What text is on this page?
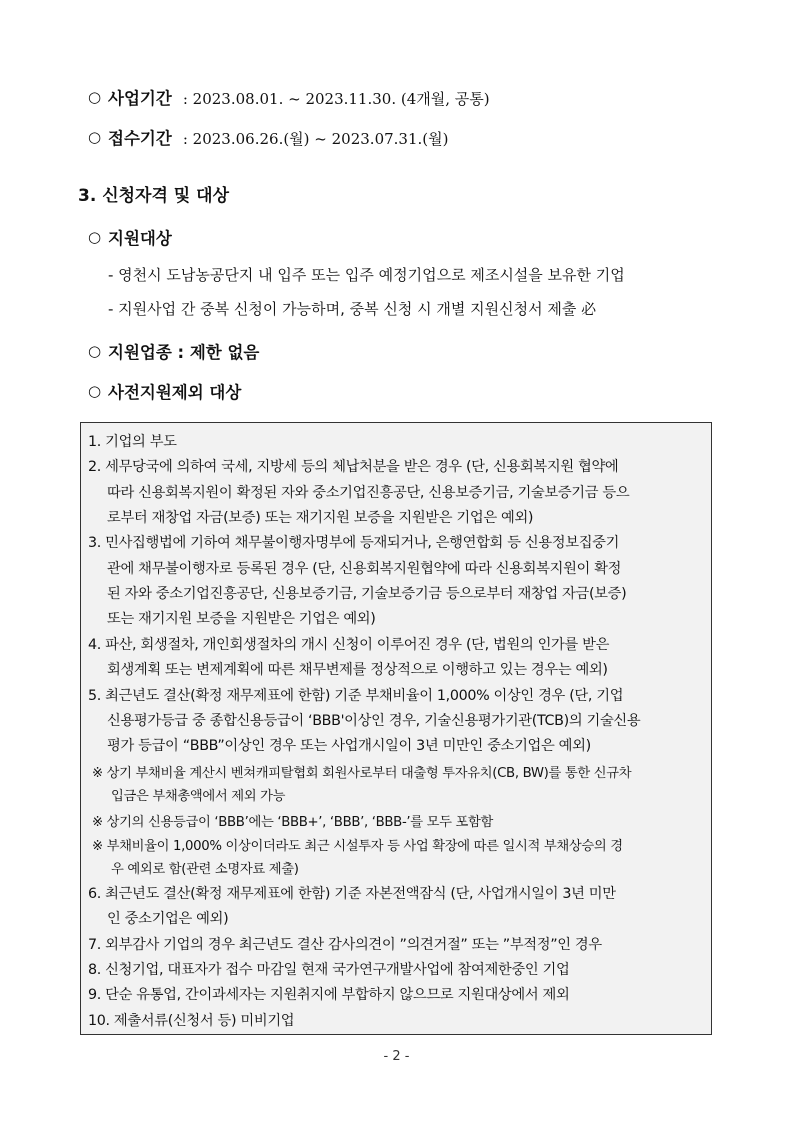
○ 사업기간 : 2023.08.01. ~ 2023.11.30. (4개월, 공통)
○ 접수기간 : 2023.06.26.(월) ~ 2023.07.31.(월)
3. 신청자격 및 대상
○ 지원대상
- 영천시 도남농공단지 내 입주 또는 입주 예정기업으로 제조시설을 보유한 기업
- 지원사업 간 중복 신청이 가능하며, 중복 신청 시 개별 지원신청서 제출 必
○ 지원업종 : 제한 없음
○ 사전지원제외 대상
1. 기업의 부도
2. 세무당국에 의하여 국세, 지방세 등의 체납처분을 받은 경우 (단, 신용회복지원 협약에
따라 신용회복지원이 확정된 자와 중소기업진흥공단, 신용보증기금, 기술보증기금 등으
로부터 재창업 자금(보증) 또는 재기지원 보증을 지원받은 기업은 예외)
3. 민사집행법에 기하여 채무불이행자명부에 등재되거나, 은행연합회 등 신용정보집중기
관에 채무불이행자로 등록된 경우 (단, 신용회복지원협약에 따라 신용회복지원이 확정
된 자와 중소기업진흥공단, 신용보증기금, 기술보증기금 등으로부터 재창업 자금(보증)
또는 재기지원 보증을 지원받은 기업은 예외)
4. 파산, 회생절차, 개인회생절차의 개시 신청이 이루어진 경우 (단, 법원의 인가를 받은
회생계획 또는 변제계획에 따른 채무변제를 정상적으로 이행하고 있는 경우는 예외)
5. 최근년도 결산(확정 재무제표에 한함) 기준 부채비율이 1,000% 이상인 경우 (단, 기업
신용평가등급 중 종합신용등급이 ‘BBB'이상인 경우, 기술신용평가기관(TCB)의 기술신용
평가 등급이 “BBB”이상인 경우 또는 사업개시일이 3년 미만인 중소기업은 예외)
※ 상기 부채비율 계산시 벤쳐캐피탈협회 회원사로부터 대출형 투자유치(CB, BW)를 통한 신규차
입금은 부채총액에서 제외 가능
※ 상기의 신용등급이 ‘BBB’에는 ‘BBB+’, ‘BBB’, ‘BBB-’를 모두 포함함
※ 부채비율이 1,000% 이상이더라도 최근 시설투자 등 사업 확장에 따른 일시적 부채상승의 경
우 예외로 함(관련 소명자료 제출)
6. 최근년도 결산(확정 재무제표에 한함) 기준 자본전액잠식 (단, 사업개시일이 3년 미만
인 중소기업은 예외)
7. 외부감사 기업의 경우 최근년도 결산 감사의견이 ”의견거절” 또는 ”부적정”인 경우
8. 신청기업, 대표자가 접수 마감일 현재 국가연구개발사업에 참여제한중인 기업
9. 단순 유통업, 간이과세자는 지원취지에 부합하지 않으므로 지원대상에서 제외
10. 제출서류(신청서 등) 미비기업
- 2 -
